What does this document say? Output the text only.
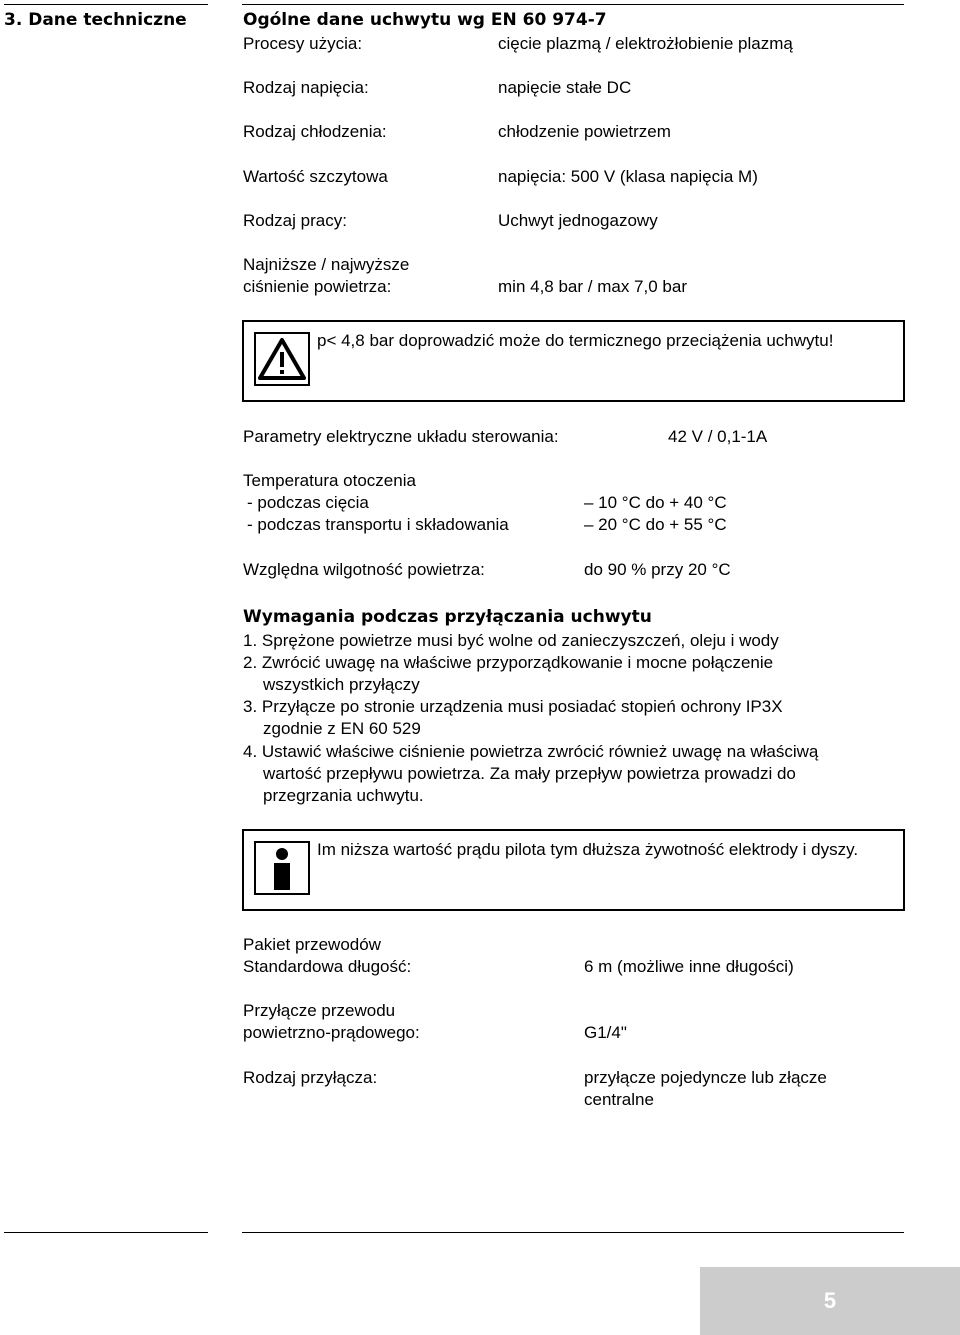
3. Dane techniczne	Ogólne dane uchwytu wg EN 60 974-7
Procesy użycia:	cięcie plazmą / elektrożłobienie plazmą
Rodzaj napięcia:	napięcie stałe DC
Rodzaj chłodzenia:	chłodzenie powietrzem
Wartość szczytowa	napięcia: 500 V (klasa napięcia M)
Rodzaj pracy:	Uchwyt jednogazowy
Najniższe / najwyższe
ciśnienie powietrza:	min 4,8 bar / max 7,0 bar
p< 4,8 bar doprowadzić może do termicznego przeciążenia uchwytu!
Parametry elektryczne układu sterowania:	42 V / 0,1-1A
Temperatura otoczenia
- podczas cięcia	– 10 °C do + 40 °C
- podczas transportu i składowania	– 20 °C do + 55 °C
Względna wilgotność powietrza:	do 90 % przy 20 °C
Wymagania podczas przyłączania uchwytu
1. Sprężone powietrze musi być wolne od zanieczyszczeń, oleju i wody
2. Zwrócić uwagę na właściwe przyporządkowanie i mocne połączenie
wszystkich przyłączy
3. Przyłącze po stronie urządzenia musi posiadać stopień ochrony IP3X
zgodnie z EN 60 529
4. Ustawić właściwe ciśnienie powietrza zwrócić również uwagę na właściwą
wartość przepływu powietrza. Za mały przepływ powietrza prowadzi do
przegrzania uchwytu.
Im niższa wartość prądu pilota tym dłuższa żywotność elektrody i dyszy.
Pakiet przewodów
Standardowa długość:	6 m (możliwe inne długości)
Przyłącze przewodu
powietrzno-prądowego:	G1/4"
Rodzaj przyłącza:	przyłącze pojedyncze lub złącze
centralne
5
